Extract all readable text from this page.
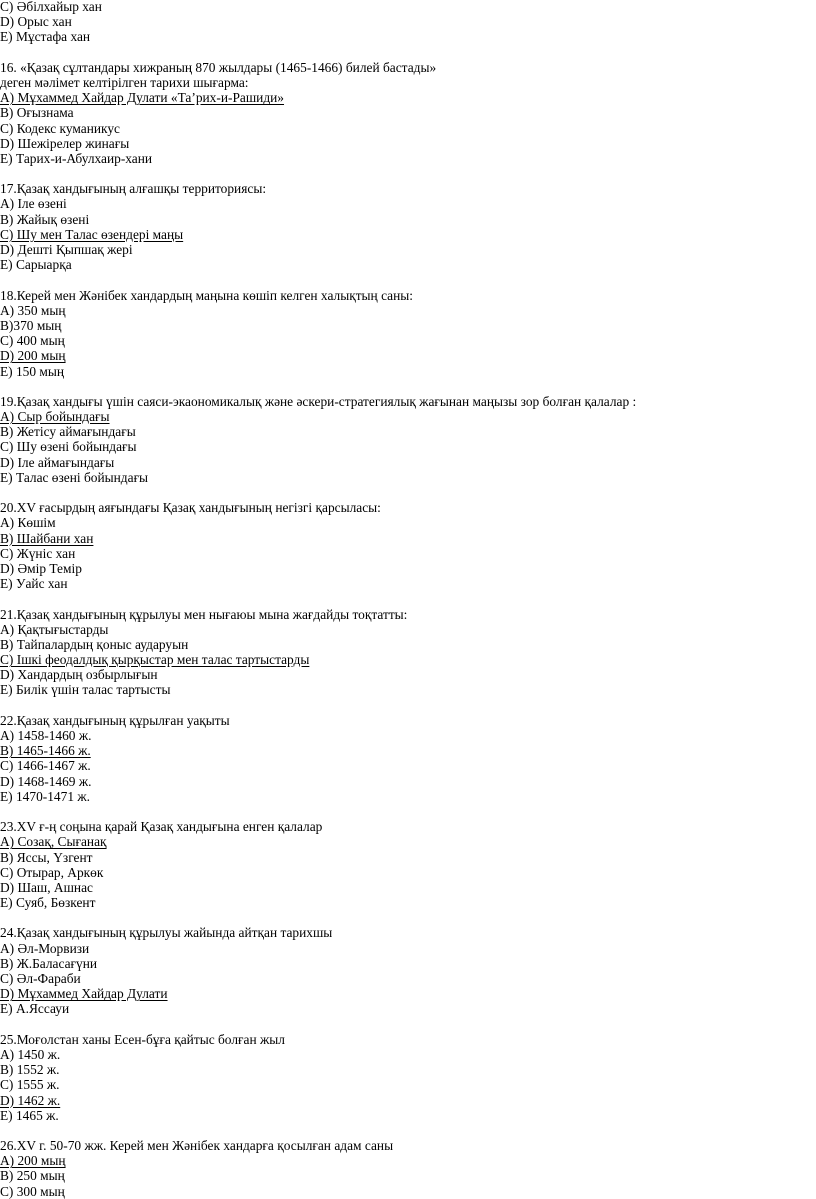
С) Әбілхайыр хан
D) Орыс хан
Е) Мұстафа хан
16. «Қазақ сұлтандары хижраның 870 жылдары (1465-1466) билей бастады»
деген мәлімет келтірілген тарихи шығарма:
А) Мұхаммед Хайдар Дулати «Та’рих-и-Рашиди»
В) Оғызнама
С) Кодекс куманикус
D) Шежірелер жинағы
Е) Тарих-и-Абулхаир-хани
17.Қазақ хандығының алғашқы территориясы:
А) Іле өзені
В) Жайық өзені
С) Шу мен Талас өзендері маңы
D) Дешті Қыпшақ жері
Е) Сарыарқа
18.Керей мен Жәнібек хандардың маңына көшіп келген халықтың саны:
А) 350 мың
В)370 мың
С) 400 мың
D) 200 мың
Е) 150 мың
19.Қазақ хандығы үшін саяси-экаономикалық және әскери-стратегиялық жағынан маңызы зор болған қалалар :
А) Сыр бойындағы
В) Жетісу аймағындағы
С) Шу өзені бойындағы
D) Іле аймағындағы
Е) Талас өзені бойындағы
20.ХV ғасырдың аяғындағы Қазақ хандығының негізгі қарсыласы:
А) Көшім
В) Шайбани хан
С) Жүніс хан
D) Әмір Темір
Е) Уайс хан
21.Қазақ хандығының құрылуы мен нығаюы мына жағдайды тоқтатты:
А) Қақтығыстарды
В) Тайпалардың қоныс аударуын
С) Ішкі феодалдық қырқыстар мен талас тартыстарды
D) Хандардың озбырлығын
Е) Билік үшін талас тартысты
22.Қазақ хандығының құрылған уақыты
А) 1458-1460 ж.
В) 1465-1466 ж.
С) 1466-1467 ж.
D) 1468-1469 ж.
Е) 1470-1471 ж.
23.XV ғ-ң соңына қарай Қазақ хандығына енген қалалар
А) Созақ, Сығанақ
В) Яссы, Үзгент
С) Отырар, Аркөк
D) Шаш, Ашнас
Е) Суяб, Бөзкент
24.Қазақ хандығының құрылуы жайында айтқан тарихшы
А) Әл-Морвизи
В) Ж.Баласағүни
С) Әл-Фараби
D) Мұхаммед Хайдар Дулати
Е) А.Яссауи
25.Моғолстан ханы Есен-бұға қайтыс болған жыл
А) 1450 ж.
В) 1552 ж.
С) 1555 ж.
D) 1462 ж.
Е) 1465 ж.
26.XV г. 50-70 жж. Керей мен Жәнібек хандарға қосылған адам саны
А) 200 мың
В) 250 мың
С) 300 мың
